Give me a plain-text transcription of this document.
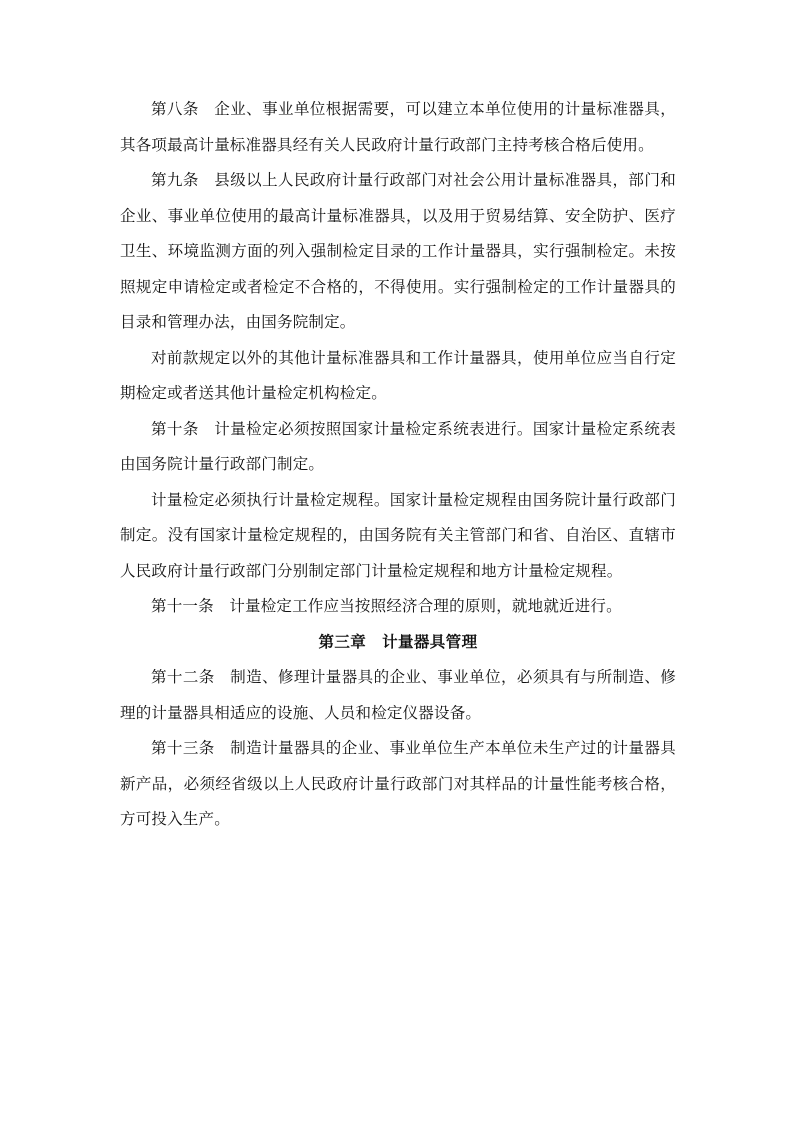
第八条 企业、事业单位根据需要，可以建立本单位使用的计量标准器具，其各项最高计量标准器具经有关人民政府计量行政部门主持考核合格后使用。

第九条 县级以上人民政府计量行政部门对社会公用计量标准器具，部门和企业、事业单位使用的最高计量标准器具，以及用于贸易结算、安全防护、医疗卫生、环境监测方面的列入强制检定目录的工作计量器具，实行强制检定。未按照规定申请检定或者检定不合格的，不得使用。实行强制检定的工作计量器具的目录和管理办法，由国务院制定。

对前款规定以外的其他计量标准器具和工作计量器具，使用单位应当自行定期检定或者送其他计量检定机构检定。

第十条 计量检定必须按照国家计量检定系统表进行。国家计量检定系统表由国务院计量行政部门制定。

计量检定必须执行计量检定规程。国家计量检定规程由国务院计量行政部门制定。没有国家计量检定规程的，由国务院有关主管部门和省、自治区、直辖市人民政府计量行政部门分别制定部门计量检定规程和地方计量检定规程。

第十一条 计量检定工作应当按照经济合理的原则，就地就近进行。

第三章　计量器具管理

第十二条 制造、修理计量器具的企业、事业单位，必须具有与所制造、修理的计量器具相适应的设施、人员和检定仪器设备。

第十三条 制造计量器具的企业、事业单位生产本单位未生产过的计量器具新产品，必须经省级以上人民政府计量行政部门对其样品的计量性能考核合格，方可投入生产。
